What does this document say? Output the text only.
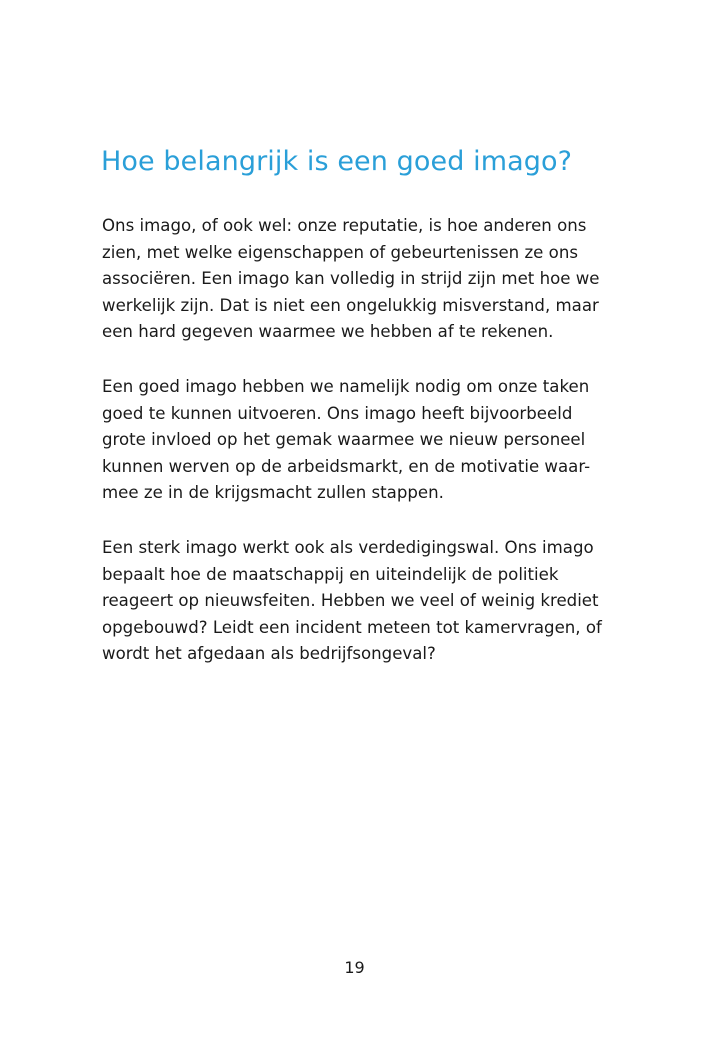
Hoe belangrijk is een goed imago?

Ons imago, of ook wel: onze reputatie, is hoe anderen ons
zien, met welke eigenschappen of gebeurtenissen ze ons
associëren. Een imago kan volledig in strijd zijn met hoe we
werkelijk zijn. Dat is niet een ongelukkig misverstand, maar
een hard gegeven waarmee we hebben af te rekenen.

Een goed imago hebben we namelijk nodig om onze taken
goed te kunnen uitvoeren. Ons imago heeft bijvoorbeeld
grote invloed op het gemak waarmee we nieuw personeel
kunnen werven op de arbeidsmarkt, en de motivatie waar-
mee ze in de krijgsmacht zullen stappen.

Een sterk imago werkt ook als verdedigingswal. Ons imago
bepaalt hoe de maatschappij en uiteindelijk de politiek
reageert op nieuwsfeiten. Hebben we veel of weinig krediet
opgebouwd? Leidt een incident meteen tot kamervragen, of
wordt het afgedaan als bedrijfsongeval?

19
